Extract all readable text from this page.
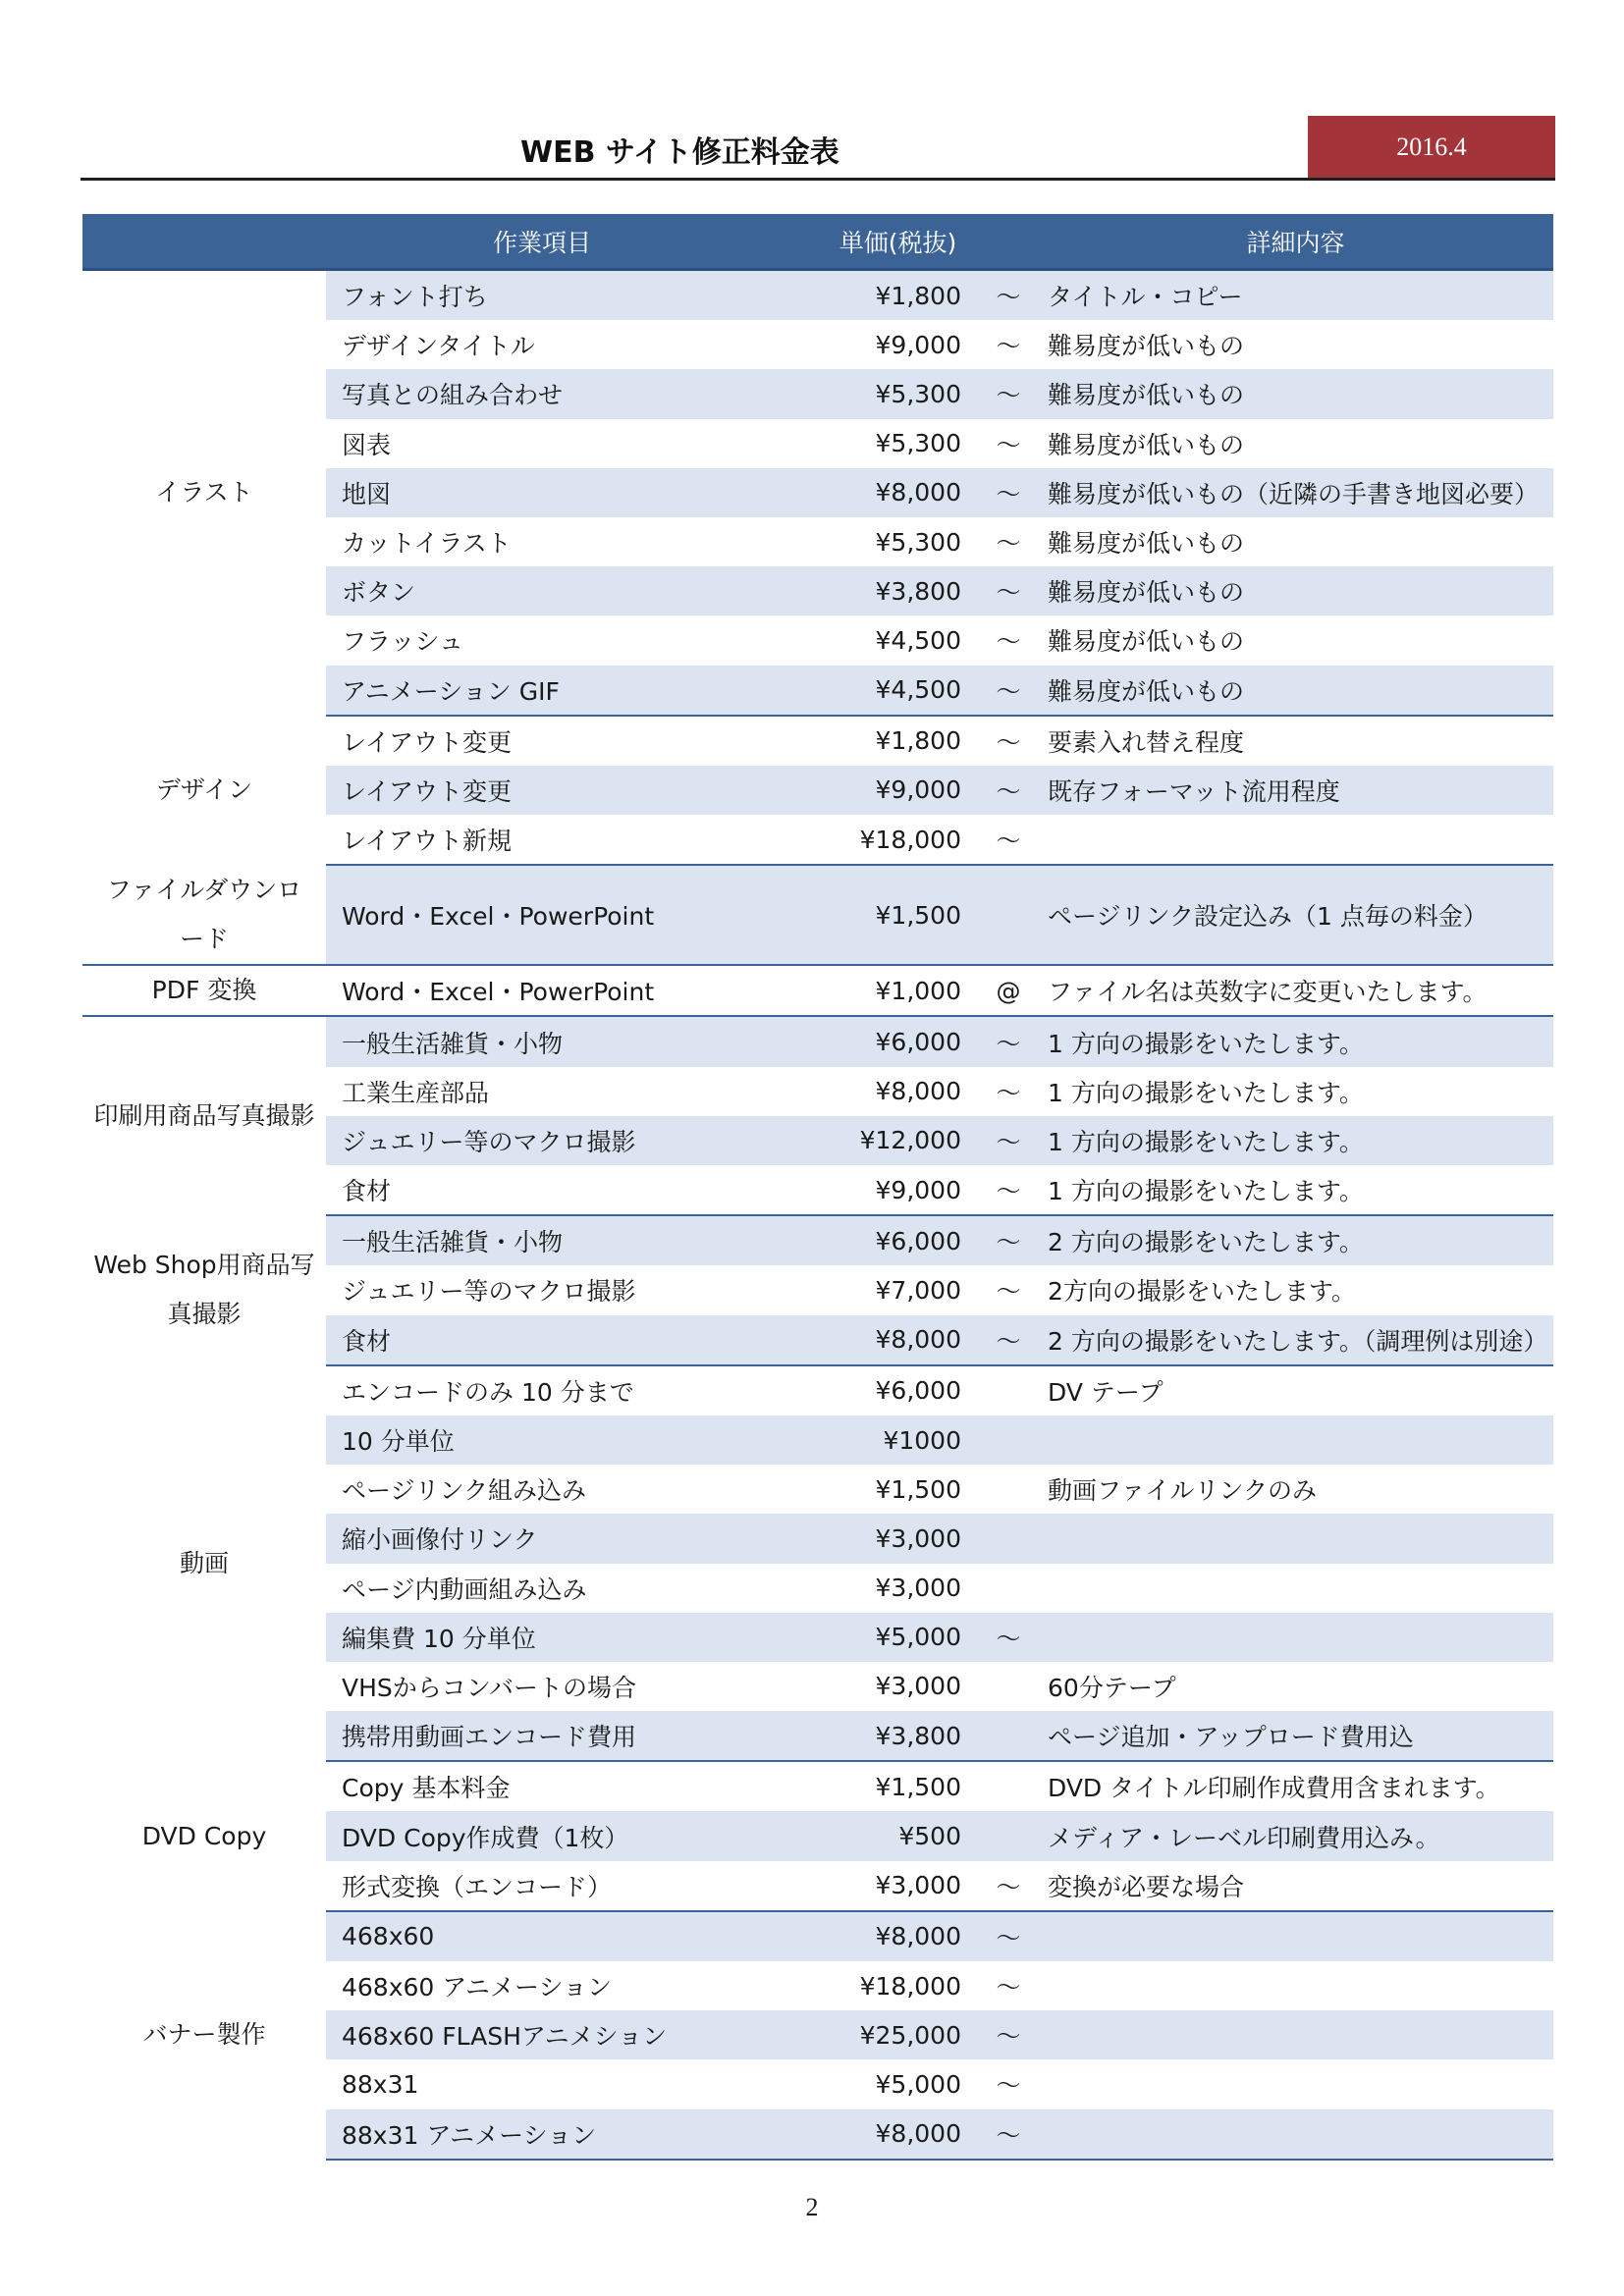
WEB サイト修正料金表	2016.4
	作業項目	単価(税抜)		詳細内容
イラスト	フォント打ち	¥1,800	～	タイトル・コピー
	デザインタイトル	¥9,000	～	難易度が低いもの
	写真との組み合わせ	¥5,300	～	難易度が低いもの
	図表	¥5,300	～	難易度が低いもの
	地図	¥8,000	～	難易度が低いもの（近隣の手書き地図必要）
	カットイラスト	¥5,300	～	難易度が低いもの
	ボタン	¥3,800	～	難易度が低いもの
	フラッシュ	¥4,500	～	難易度が低いもの
	アニメーション GIF	¥4,500	～	難易度が低いもの
デザイン	レイアウト変更	¥1,800	～	要素入れ替え程度
	レイアウト変更	¥9,000	～	既存フォーマット流用程度
	レイアウト新規	¥18,000	～	
ファイルダウンロード	Word・Excel・PowerPoint	¥1,500		ページリンク設定込み（1 点毎の料金）
PDF 変換	Word・Excel・PowerPoint	¥1,000	@	ファイル名は英数字に変更いたします。
印刷用商品写真撮影	一般生活雑貨・小物	¥6,000	～	1 方向の撮影をいたします。
	工業生産部品	¥8,000	～	1 方向の撮影をいたします。
	ジュエリー等のマクロ撮影	¥12,000	～	1 方向の撮影をいたします。
	食材	¥9,000	～	1 方向の撮影をいたします。
Web Shop用商品写真撮影	一般生活雑貨・小物	¥6,000	～	2 方向の撮影をいたします。
	ジュエリー等のマクロ撮影	¥7,000	～	2方向の撮影をいたします。
	食材	¥8,000	～	2 方向の撮影をいたします。（調理例は別途）
動画	エンコードのみ 10 分まで	¥6,000		DV テープ
	10 分単位	¥1000		
	ページリンク組み込み	¥1,500		動画ファイルリンクのみ
	縮小画像付リンク	¥3,000		
	ページ内動画組み込み	¥3,000		
	編集費 10 分単位	¥5,000	～	
	VHSからコンバートの場合	¥3,000		60分テープ
	携帯用動画エンコード費用	¥3,800		ページ追加・アップロード費用込
DVD Copy	Copy 基本料金	¥1,500		DVD タイトル印刷作成費用含まれます。
	DVD Copy作成費（1枚）	¥500		メディア・レーベル印刷費用込み。
	形式変換（エンコード）	¥3,000	～	変換が必要な場合
バナー製作	468x60	¥8,000	～	
	468x60 アニメーション	¥18,000	～	
	468x60 FLASHアニメション	¥25,000	～	
	88x31	¥5,000	～	
	88x31 アニメーション	¥8,000	～	
2
